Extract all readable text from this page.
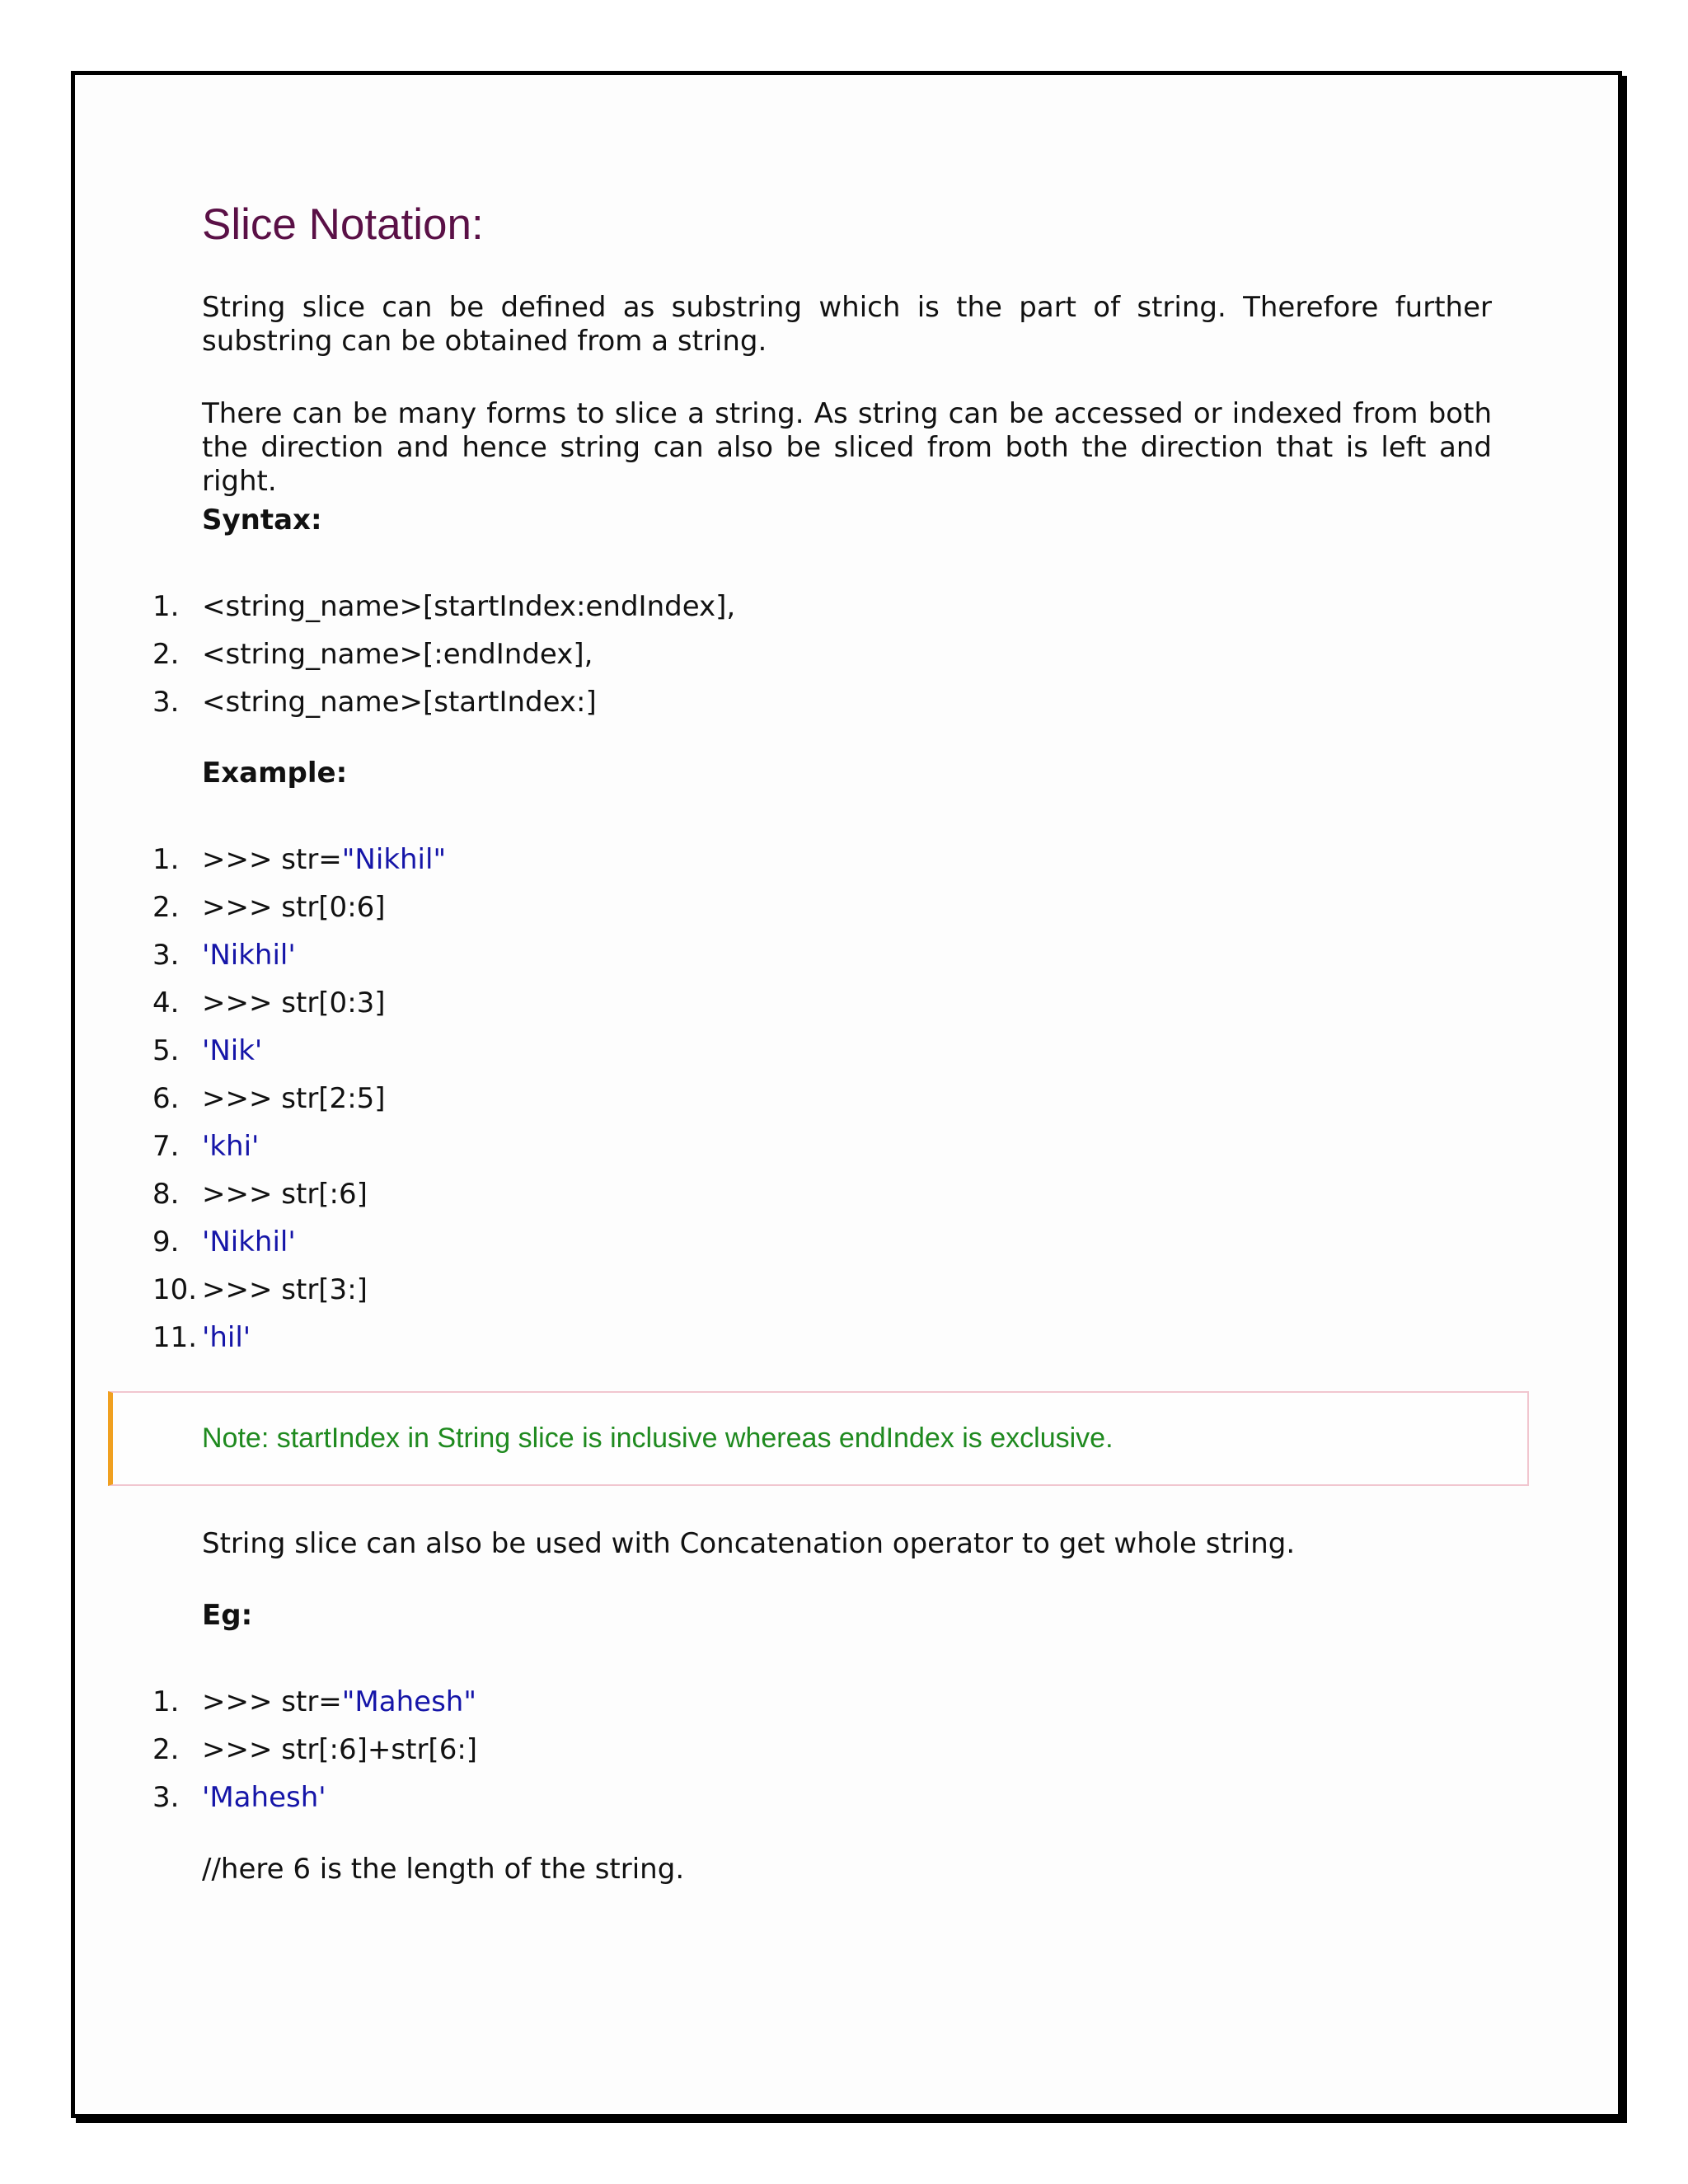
Slice Notation:

String slice can be defined as substring which is the part of string. Therefore further substring can be obtained from a string.

There can be many forms to slice a string. As string can be accessed or indexed from both the direction and hence string can also be sliced from both the direction that is left and right.

Syntax:

1. <string_name>[startIndex:endIndex],
2. <string_name>[:endIndex],
3. <string_name>[startIndex:]

Example:

1. >>> str="Nikhil"
2. >>> str[0:6]
3. 'Nikhil'
4. >>> str[0:3]
5. 'Nik'
6. >>> str[2:5]
7. 'khi'
8. >>> str[:6]
9. 'Nikhil'
10. >>> str[3:]
11. 'hil'

Note: startIndex in String slice is inclusive whereas endIndex is exclusive.

String slice can also be used with Concatenation operator to get whole string.

Eg:

1. >>> str="Mahesh"
2. >>> str[:6]+str[6:]
3. 'Mahesh'

//here 6 is the length of the string.
